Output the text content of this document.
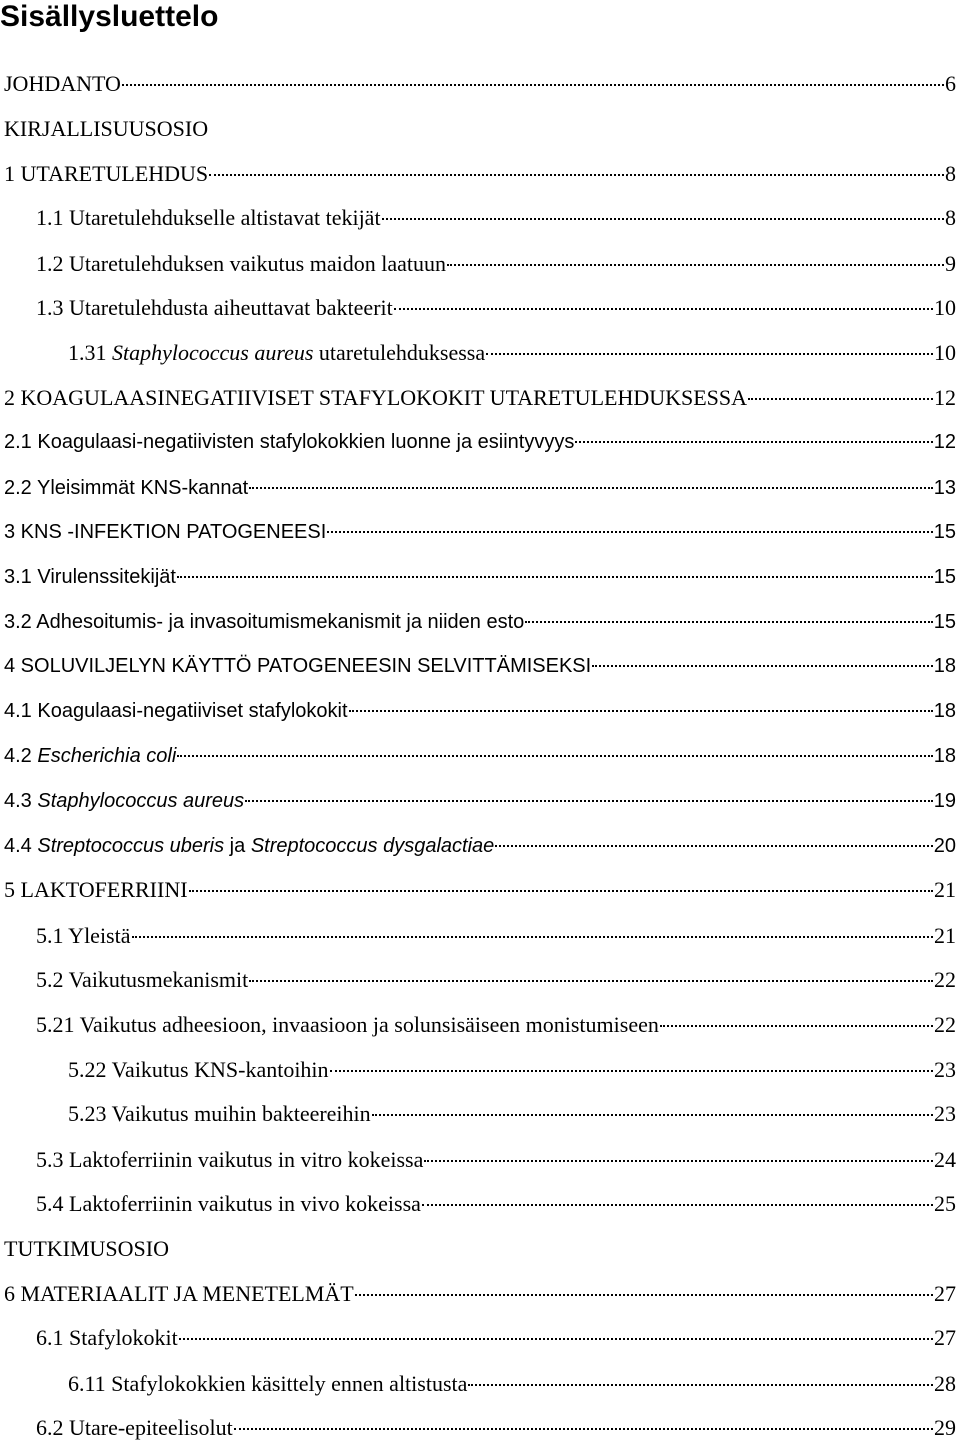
Sisällysluettelo
JOHDANTO	6
KIRJALLISUUSOSIO
1 UTARETULEHDUS	8
1.1 Utaretulehdukselle altistavat tekijät	8
1.2 Utaretulehduksen vaikutus maidon laatuun	9
1.3 Utaretulehdusta aiheuttavat bakteerit	10
1.31 Staphylococcus aureus utaretulehduksessa	10
2 KOAGULAASINEGATIIVISET STAFYLOKOKIT UTARETULEHDUKSESSA	12
2.1 Koagulaasi-negatiivisten stafylokokkien luonne ja esiintyvyys	12
2.2 Yleisimmät KNS-kannat	13
3 KNS -INFEKTION PATOGENEESI	15
3.1 Virulenssitekijät	15
3.2 Adhesoitumis- ja invasoitumismekanismit ja niiden esto	15
4 SOLUVILJELYN KÄYTTÖ PATOGENEESIN SELVITTÄMISEKSI	18
4.1 Koagulaasi-negatiiviset stafylokokit	18
4.2 Escherichia coli	18
4.3 Staphylococcus aureus	19
4.4 Streptococcus uberis ja Streptococcus dysgalactiae	20
5 LAKTOFERRIINI	21
5.1 Yleistä	21
5.2 Vaikutusmekanismit	22
5.21 Vaikutus adheesioon, invaasioon ja solunsisäiseen monistumiseen	22
5.22 Vaikutus KNS-kantoihin	23
5.23 Vaikutus muihin bakteereihin	23
5.3 Laktoferriinin vaikutus in vitro kokeissa	24
5.4 Laktoferriinin vaikutus in vivo kokeissa	25
TUTKIMUSOSIO
6 MATERIAALIT JA MENETELMÄT	27
6.1 Stafylokokit	27
6.11 Stafylokokkien käsittely ennen altistusta	28
6.2 Utare-epiteelisolut	29
